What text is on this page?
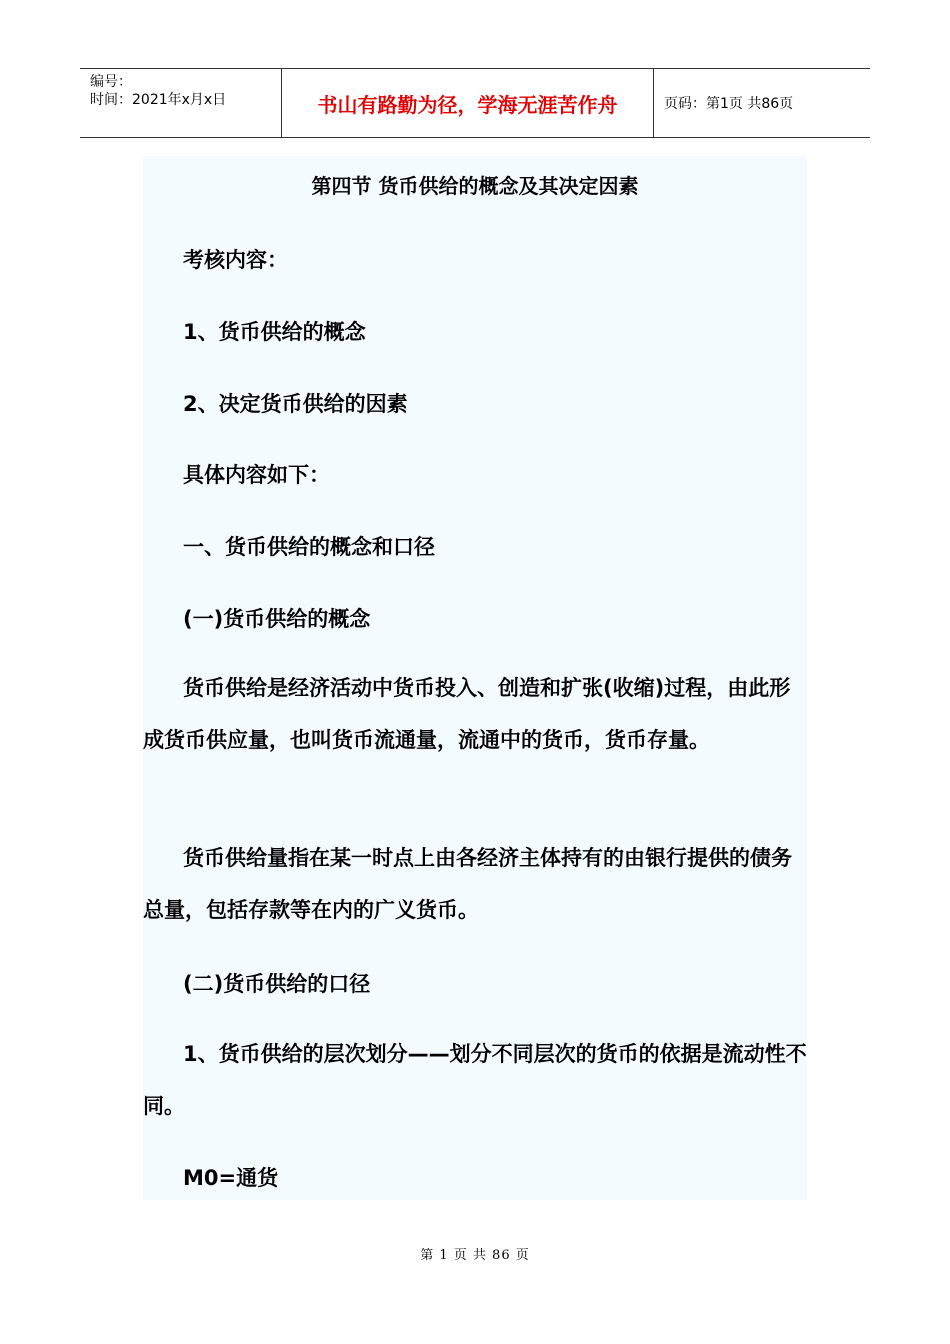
编号：
时间：2021年x月x日	书山有路勤为径，学海无涯苦作舟	页码：第1页 共86页
第四节 货币供给的概念及其决定因素
考核内容：
1、货币供给的概念
2、决定货币供给的因素
具体内容如下：
一、货币供给的概念和口径
(一)货币供给的概念
货币供给是经济活动中货币投入、创造和扩张(收缩)过程，由此形成货币供应量，也叫货币流通量，流通中的货币，货币存量。
货币供给量指在某一时点上由各经济主体持有的由银行提供的债务总量，包括存款等在内的广义货币。
(二)货币供给的口径
1、货币供给的层次划分——划分不同层次的货币的依据是流动性不同。
M0=通货
第 1 页 共 86 页
